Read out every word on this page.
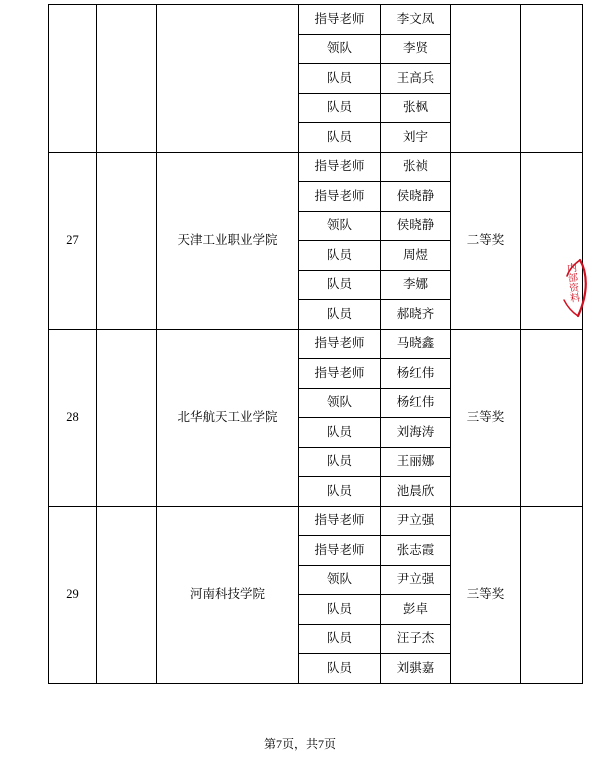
			指导老师	李文凤		
			领队	李贤		
			队员	王高兵		
			队员	张枫		
			队员	刘宇		
27		天津工业职业学院	指导老师	张祯	二等奖	
			指导老师	侯晓静		
			领队	侯晓静		
			队员	周煜		
			队员	李娜		
			队员	郝晓齐		
28		北华航天工业学院	指导老师	马晓鑫	三等奖	
			指导老师	杨红伟		
			领队	杨红伟		
			队员	刘海涛		
			队员	王丽娜		
			队员	池晨欣		
29		河南科技学院	指导老师	尹立强	三等奖	
			指导老师	张志霞		
			领队	尹立强		
			队员	彭卓		
			队员	汪子杰		
			队员	刘骐嘉		
内部资料
第7页，共7页
